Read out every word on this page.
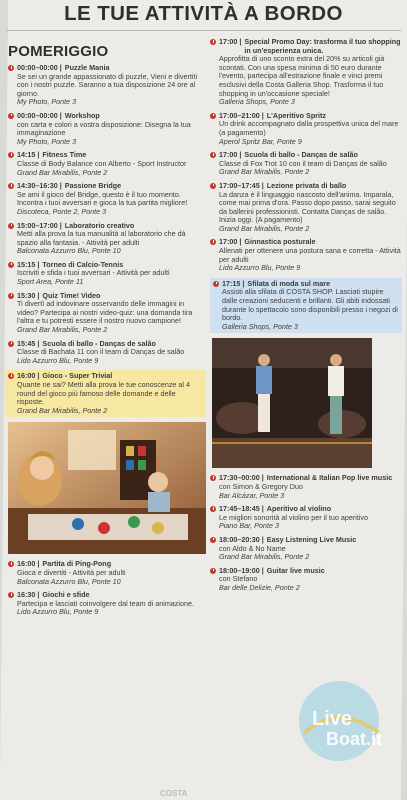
LE TUE ATTIVITÀ A BORDO
POMERIGGIO
00:00–00:00 | Puzzle Mania
Se sei un grande appassionato di puzzle, Vieni e divertiti con i nostri puzzle. Saranno a tua disposizione 24 ore al giorno.
My Photo, Ponte 3
00:00–00:00 | Workshop
con carta e colori a vostra disposizione: Disegna la tua immaginazione
My Photo, Ponte 3
14:15 | Fitness Time
Classe di Body Balance con Alberto - Sport Instructor
Grand Bar Mirabilis, Ponte 2
14:30–16:30 | Passione Bridge
Se ami il gioco del Bridge, questo è il tuo momento. Incontra i tuoi avversari e gioca la tua partita migliore!
Discoteca, Ponte 2, Ponte 3
15:00–17:00 | Laboratorio creativo
Metti alla prova la tua manualità al laboratorio che dà spazio alla fantasia. - Attività per adulti
Balconata Azzurro Blu, Ponte 10
15:15 | Torneo di Calcio-Tennis
Iscriviti e sfida i tuoi avversari - Attività per adulti
Sport Area, Ponte 11
15:30 | Quiz Time! Video
Ti divertì ad indovinare osservando delle immagini in video? Partecipa ai nostri video-quiz: una domanda tira l'altra e tu potresti essere il nostro nuovo campione!
Grand Bar Mirabilis, Ponte 2
15:45 | Scuola di ballo - Danças de salão
Classe di Bachata 11 con il team di Danças de salão
Lido Azzurro Blu, Ponte 9
16:00 | Gioco - Super Trivial
Quante ne sai? Metti alla prova le tue conoscenze al 4 round del gioco più famoso delle domande e delle risposte.
Grand Bar Mirabilis, Ponte 2
16:00 | Partita di Ping-Pong
Gioca e divertiti - Attività per adulti
Balconata Azzurro Blu, Ponte 10
16:30 | Giochi e sfide
Partecipa e lasciati coinvolgere dal team di animazione.
Lido Azzurro Blu, Ponte 9
17:00 | Special Promo Day: trasforma il tuo shopping in un'esperienza unica.
Approfitta di uno sconto extra del 20% su articoli già scontati. Con una spesa minima di 50 euro durante l'evento, partecipa all'estrazione finale e vinci premi esclusivi della Costa Galleria Shop. Trasforma il tuo shopping in un'occasione speciale!
Galleria Shops, Ponte 3
17:00–21:00 | L'Aperitivo Spritz
Un drink accompagnato dalla prospettiva unica del mare (a pagamento)
Aperol Spritz Bar, Ponte 9
17:00 | Scuola di ballo - Danças de salão
Classe di Fox Trot 10 con il team di Danças de salão
Grand Bar Mirabilis, Ponte 2
17:00–17:45 | Lezione privata di ballo
La danza è il linguaggio nascosto dell'anima. Imparala, come mai prima d'ora. Passo dopo passo, sarai seguito da ballerini professionisti. Contatta Danças de salão. Inizia oggi. (A pagamento)
Grand Bar Mirabilis, Ponte 2
17:00 | Ginnastica posturale
Allenati per ottenere una postura sana e corretta - Attività per adulti
Lido Azzurro Blu, Ponte 9
17:15 | Sfilata di moda sul mare
Assisti alla sfilata di COSTA SHOP. Lasciati stupire dalle creazioni seducenti e brillanti. Gli abiti indossati durante lo spettacolo sono disponibili presso i negozi di bordo.
Galleria Shops, Ponte 3
17:30–00:00 | International & Italian Pop live music
con Simon & Gregory Duo
Bar Alcázar, Ponte 3
17:45–18:45 | Aperitivo al violino
Le migliori sonorità al violino per il tuo aperitivo
Piano Bar, Ponte 3
18:00–20:30 | Easy Listening Live Music
con Aldo & No Name
Grand Bar Mirabilis, Ponte 2
18:00–19:00 | Guitar live music
con Stefano
Bar delle Delizie, Ponte 2
Live
Boat.it
COSTA
